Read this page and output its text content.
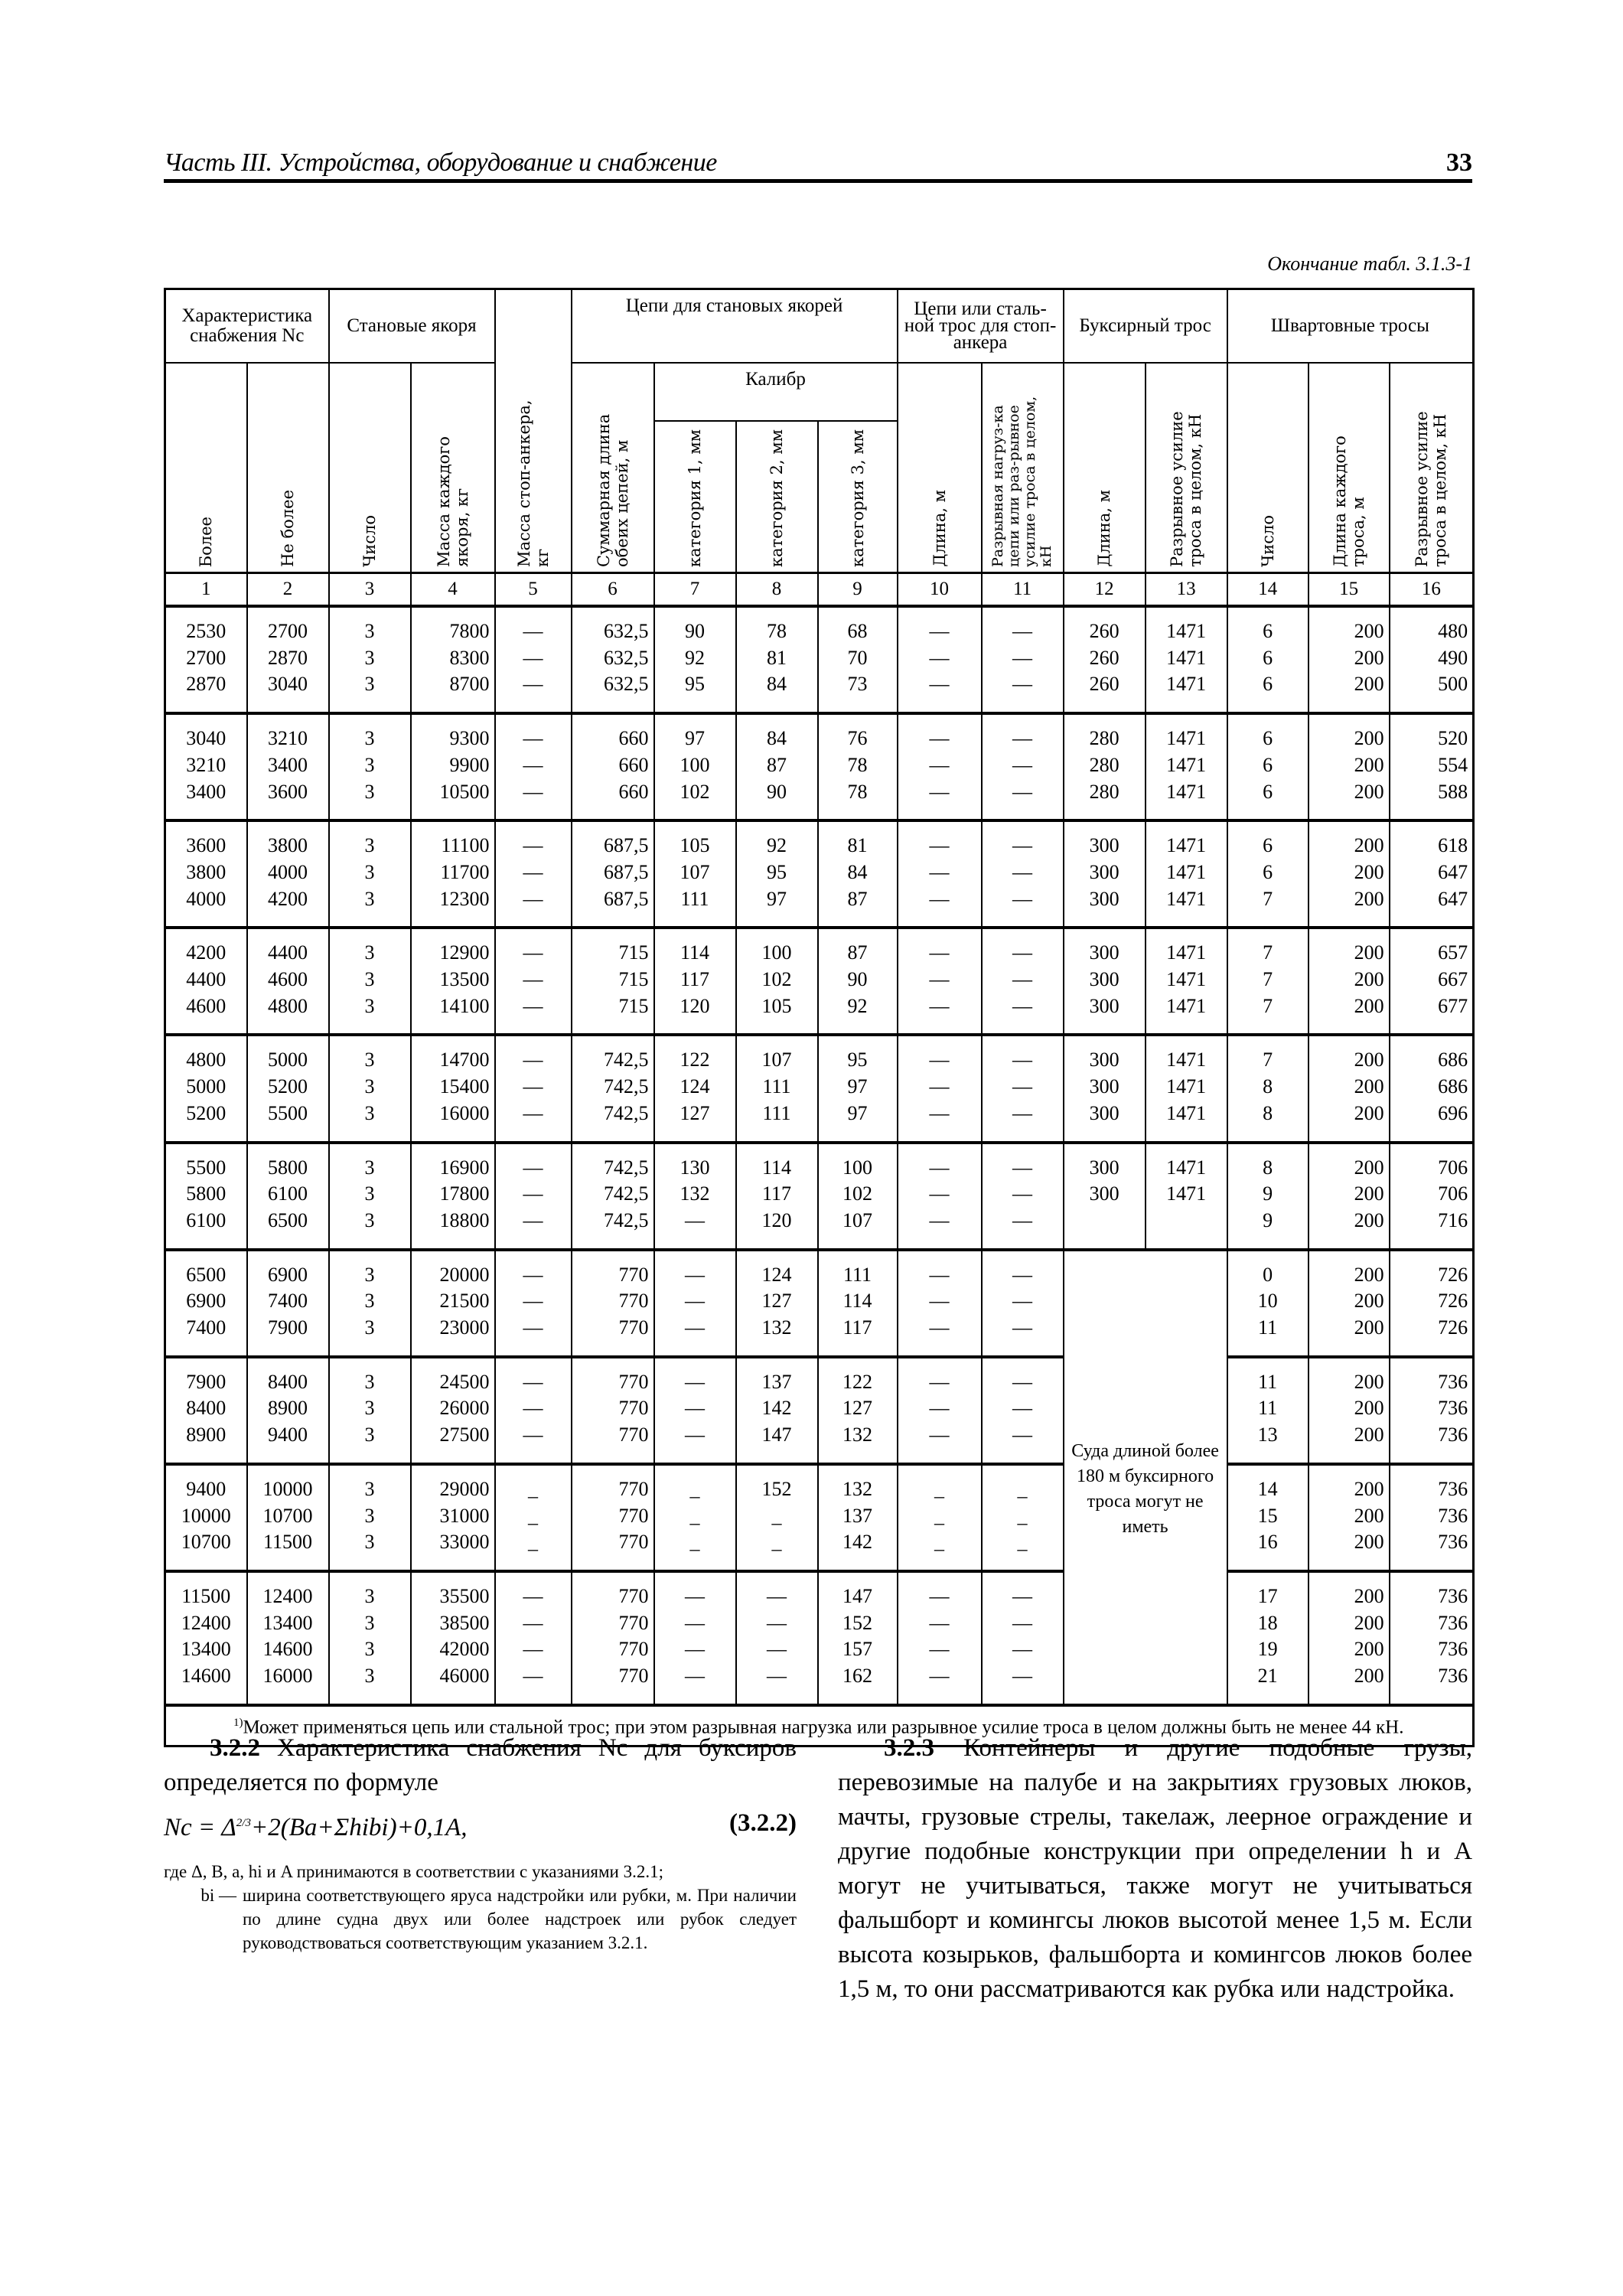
Часть III. Устройства, оборудование и снабжение	33
Окончание табл. 3.1.3-1
Характеристика снабжения Nc		Становые якоря		Масса стоп-анкера, кг	Цепи для становых якорей				Цепи или сталь-ной трос для стоп-анкера		Буксирный трос		Швартовные тросы		

Более	Не более	Число	Масса каждого якоря, кг		Суммарная длина обеих цепей, м	Калибр			Длина, м	Разрывная нагруз-ка цепи или раз-рывное усилие троса в целом, кН	Длина, м	Разрывное усилие троса в целом, кН	Число	Длина каждого троса, м	Разрывное усилие троса в целом, кН

						категория 1, мм	категория 2, мм	категория 3, мм							

1	2	3	4	5	6	7	8	9	10	11	12	13	14	15	16
2530	2700	3	7800	—	632,5	90	78	68	—	—	260	1471	6	200	480
2700	2870	3	8300	—	632,5	92	81	70	—	—	260	1471	6	200	490
2870	3040	3	8700	—	632,5	95	84	73	—	—	260	1471	6	200	500
3040	3210	3	9300	—	660	97	84	76	—	—	280	1471	6	200	520
3210	3400	3	9900	—	660	100	87	78	—	—	280	1471	6	200	554
3400	3600	3	10500	—	660	102	90	78	—	—	280	1471	6	200	588
3600	3800	3	11100	—	687,5	105	92	81	—	—	300	1471	6	200	618
3800	4000	3	11700	—	687,5	107	95	84	—	—	300	1471	6	200	647
4000	4200	3	12300	—	687,5	111	97	87	—	—	300	1471	7	200	647
4200	4400	3	12900	—	715	114	100	87	—	—	300	1471	7	200	657
4400	4600	3	13500	—	715	117	102	90	—	—	300	1471	7	200	667
4600	4800	3	14100	—	715	120	105	92	—	—	300	1471	7	200	677
4800	5000	3	14700	—	742,5	122	107	95	—	—	300	1471	7	200	686
5000	5200	3	15400	—	742,5	124	111	97	—	—	300	1471	8	200	686
5200	5500	3	16000	—	742,5	127	111	97	—	—	300	1471	8	200	696
5500	5800	3	16900	—	742,5	130	114	100	—	—	300	1471	8	200	706
5800	6100	3	17800	—	742,5	132	117	102	—	—	300	1471	9	200	706
6100	6500	3	18800	—	742,5	—	120	107	—	—			9	200	716
6500	6900	3	20000	—	770	—	124	111	—	—	Суда длиной более 180 м буксирного троса могут не иметь		0	200	726
6900	7400	3	21500	—	770	—	127	114	—	—			10	200	726
7400	7900	3	23000	—	770	—	132	117	—	—			11	200	726
7900	8400	3	24500	—	770	—	137	122	—	—			11	200	736
8400	8900	3	26000	—	770	—	142	127	—	—			11	200	736
8900	9400	3	27500	—	770	—	147	132	—	—			13	200	736
9400	10000	3	29000	_	770	_	152	132	_	_			14	200	736
10000	10700	3	31000	_	770	_	_	137	_	_			15	200	736
10700	11500	3	33000	_	770	_	_	142	_	_			16	200	736
11500	12400	3	35500	—	770	—	—	147	—	—			17	200	736
12400	13400	3	38500	—	770	—	—	152	—	—			18	200	736
13400	14600	3	42000	—	770	—	—	157	—	—			19	200	736
14600	16000	3	46000	—	770	—	—	162	—	—			21	200	736
$^{1)}$Может применяться цепь или стальной трос; при этом разрывная нагрузка или разрывное усилие троса в целом должны быть не менее 44 кН.															
3.2.2 Характеристика снабжения Nc для буксиров определяется по формуле
$Nc = \Delta^{2/3}+2(Ba+\Sigma hibi)+0,1A$,	(3.2.2)
где Δ, B, a, hi и A принимаются в соответствии с указаниями 3.2.1;
bi — ширина соответствующего яруса надстройки или рубки, м. При наличии по длине судна двух или более надстроек или рубок следует руководствоваться соответствующим указанием 3.2.1.
3.2.3 Контейнеры и другие подобные грузы, перевозимые на палубе и на закрытиях грузовых люков, мачты, грузовые стрелы, такелаж, леерное ограждение и другие подобные конструкции при определении h и A могут не учитываться, также могут не учитываться фальшборт и комингсы люков высотой менее 1,5 м. Если высота козырьков, фальшборта и комингсов люков более 1,5 м, то они рассматриваются как рубка или надстройка.
